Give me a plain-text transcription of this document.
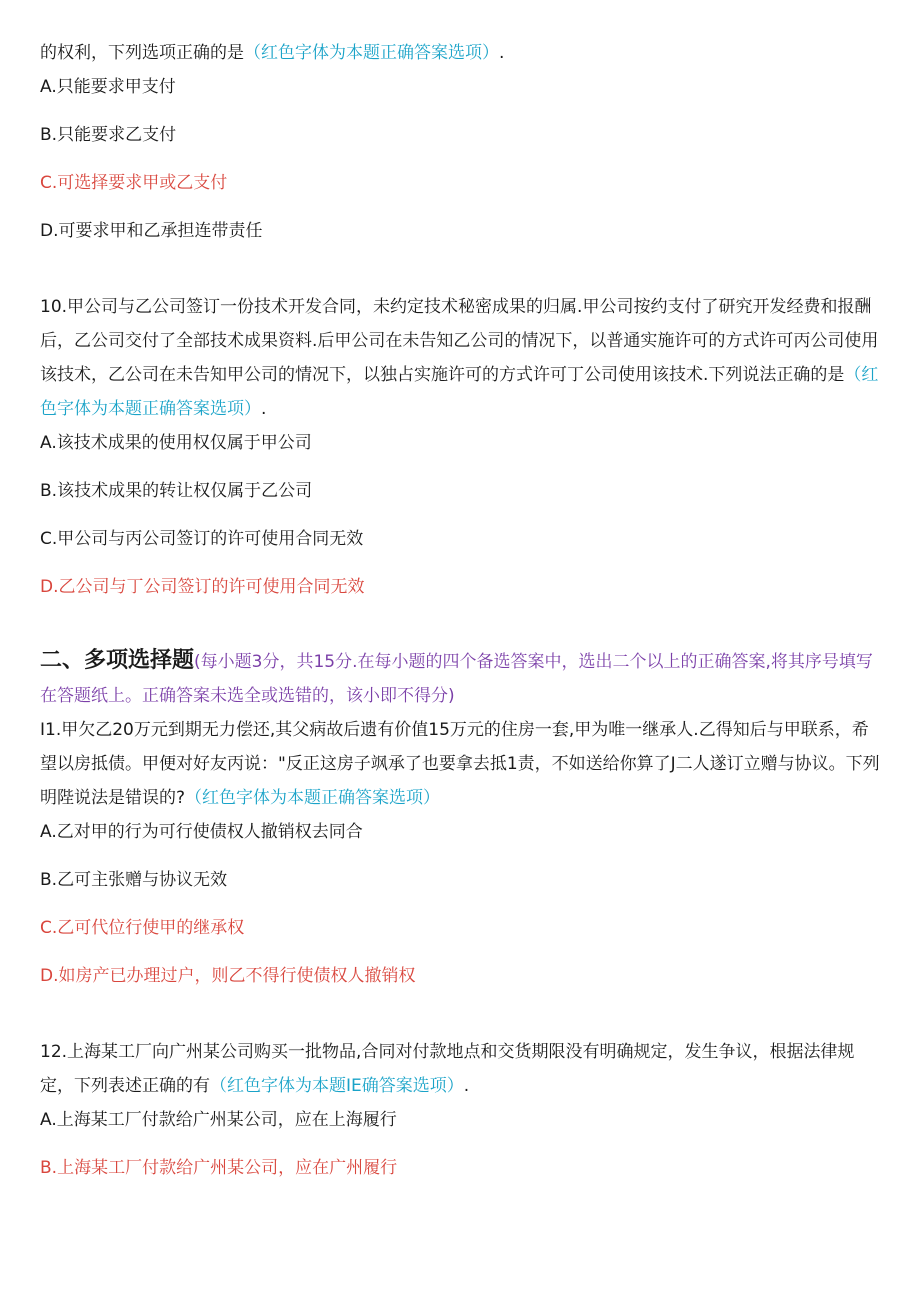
的权利，下列选项正确的是（红色字体为本题正确答案选项）.

A.只能要求甲支付

B.只能要求乙支付

C.可选择要求甲或乙支付

D.可要求甲和乙承担连带责任

10.甲公司与乙公司签订一份技术开发合同，未约定技术秘密成果的归属.甲公司按约支付了研究开发经费和报酬后，乙公司交付了全部技术成果资料.后甲公司在未告知乙公司的情况下，以普通实施许可的方式许可丙公司使用该技术，乙公司在未告知甲公司的情况下，以独占实施许可的方式许可丁公司使用该技术.下列说法正确的是（红色字体为本题正确答案选项）.

A.该技术成果的使用权仅属于甲公司

B.该技术成果的转让权仅属于乙公司

C.甲公司与丙公司签订的许可使用合同无效

D.乙公司与丁公司签订的许可使用合同无效

二、多项选择题(每小题3分，共15分.在每小题的四个备选答案中，选出二个以上的正确答案,将其序号填写在答题纸上。正确答案未选全或选错的，该小即不得分)

I1.甲欠乙20万元到期无力偿还,其父病故后遗有价值15万元的住房一套,甲为唯一继承人.乙得知后与甲联系，希望以房抵债。甲便对好友丙说："反正这房子飒承了也要拿去抵1责，不如送给你算了J二人遂订立赠与协议。下列明陛说法是错误的?（红色字体为本题正确答案选项）

A.乙对甲的行为可行使债权人撤销权去同合

B.乙可主张赠与协议无效

C.乙可代位行使甲的继承权

D.如房产已办理过户，则乙不得行使债权人撤销权

12.上海某工厂向广州某公司购买一批物品,合同对付款地点和交货期限没有明确规定，发生争议，根据法律规定，下列表述正确的有（红色字体为本题IE确答案选项）.

A.上海某工厂付款给广州某公司，应在上海履行

B.上海某工厂付款给广州某公司，应在广州履行
